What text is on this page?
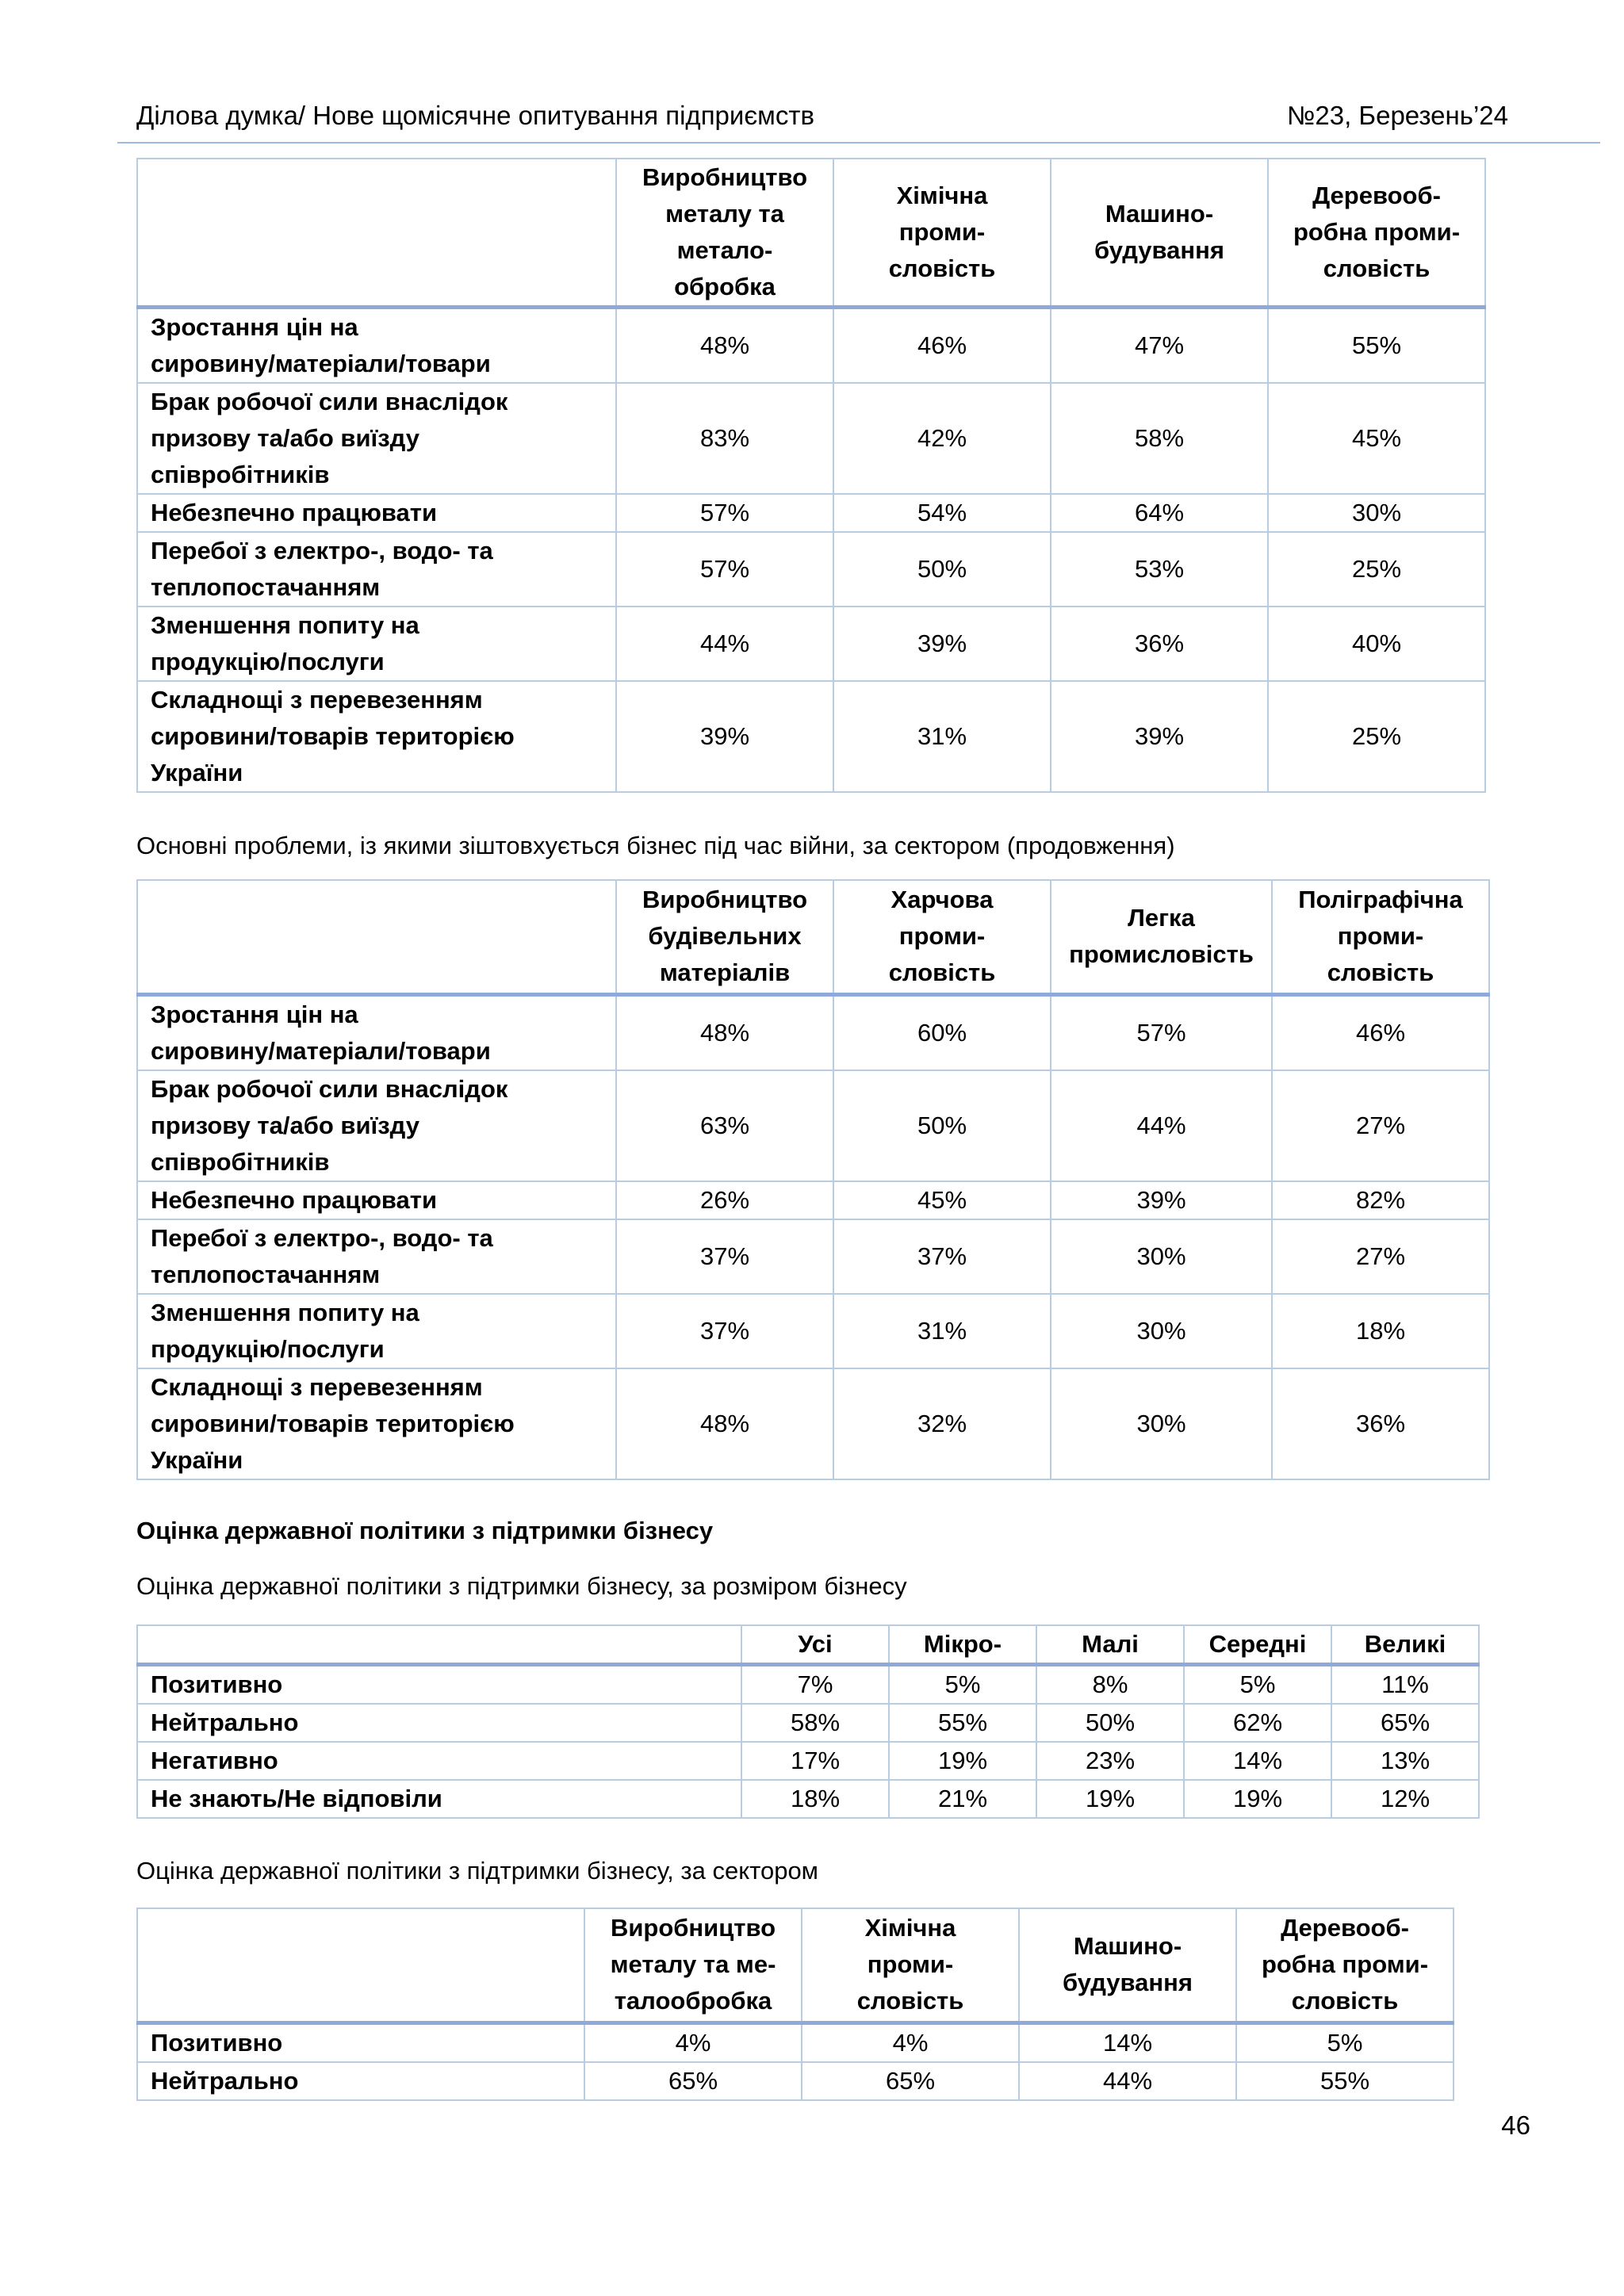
Ділова думка/ Нове щомісячне опитування підприємств	№23, Березень’24
	Виробництво
металу та
метало-
обробка	Хімічна
проми-
словість	Машино-
будування	Деревооб-
робна проми-
словість
Зростання цін на
сировину/матеріали/товари	48%	46%	47%	55%
Брак робочої сили внаслідок
призову та/або виїзду
співробітників	83%	42%	58%	45%
Небезпечно працювати	57%	54%	64%	30%
Перебої з електро-, водо- та
теплопостачанням	57%	50%	53%	25%
Зменшення попиту на
продукцію/послуги	44%	39%	36%	40%
Складнощі з перевезенням
сировини/товарів територією
України	39%	31%	39%	25%
Основні проблеми, із якими зіштовхується бізнес під час війни, за сектором (продовження)
	Виробництво
будівельних
матеріалів	Харчова
проми-
словість	Легка
промисловість	Поліграфічна
проми-
словість
Зростання цін на
сировину/матеріали/товари	48%	60%	57%	46%
Брак робочої сили внаслідок
призову та/або виїзду
співробітників	63%	50%	44%	27%
Небезпечно працювати	26%	45%	39%	82%
Перебої з електро-, водо- та
теплопостачанням	37%	37%	30%	27%
Зменшення попиту на
продукцію/послуги	37%	31%	30%	18%
Складнощі з перевезенням
сировини/товарів територією
України	48%	32%	30%	36%
Оцінка державної політики з підтримки бізнесу
Оцінка державної політики з підтримки бізнесу, за розміром бізнесу
	Усі	Мікро-	Малі	Середні	Великі
Позитивно	7%	5%	8%	5%	11%
Нейтрально	58%	55%	50%	62%	65%
Негативно	17%	19%	23%	14%	13%
Не знають/Не відповіли	18%	21%	19%	19%	12%
Оцінка державної політики з підтримки бізнесу, за сектором
	Виробництво
металу та ме-
талообробка	Хімічна
проми-
словість	Машино-
будування	Деревооб-
робна проми-
словість
Позитивно	4%	4%	14%	5%
Нейтрально	65%	65%	44%	55%
46
